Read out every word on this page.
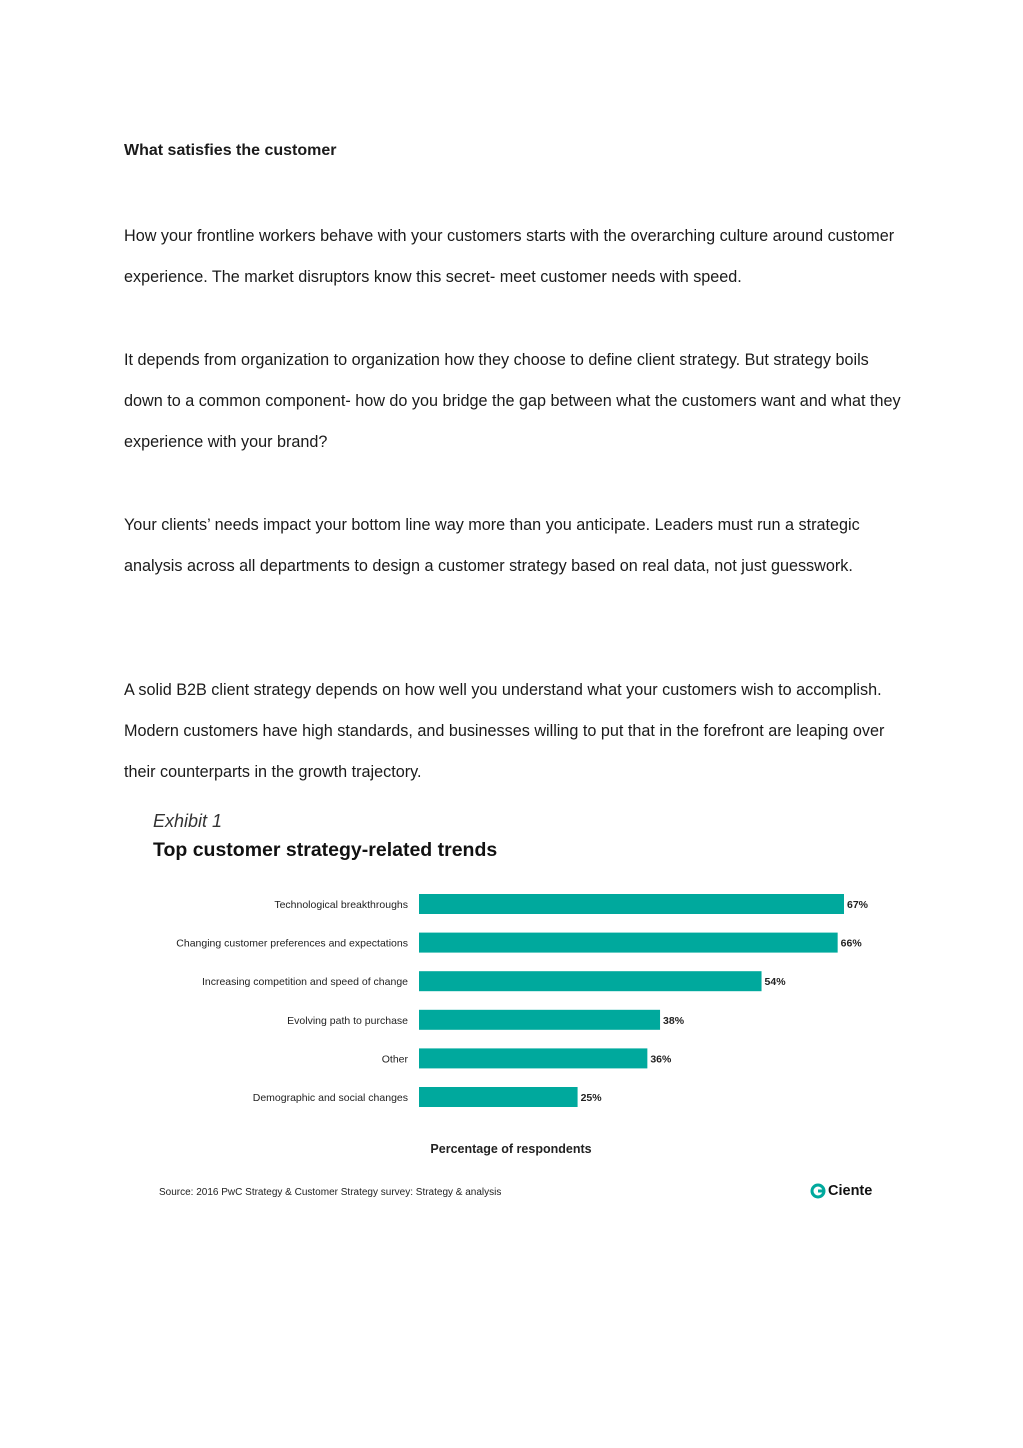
What satisfies the customer

How your frontline workers behave with your customers starts with the overarching culture around customer experience. The market disruptors know this secret- meet customer needs with speed.

It depends from organization to organization how they choose to define client strategy. But strategy boils down to a common component- how do you bridge the gap between what the customers want and what they experience with your brand?

Your clients’ needs impact your bottom line way more than you anticipate. Leaders must run a strategic analysis across all departments to design a customer strategy based on real data, not just guesswork.

A solid B2B client strategy depends on how well you understand what your customers wish to accomplish. Modern customers have high standards, and businesses willing to put that in the forefront are leaping over their counterparts in the growth trajectory.

Exhibit 1
Top customer strategy-related trends
Technological breakthroughs	67%
Changing customer preferences and expectations	66%
Increasing competition and speed of change	54%
Evolving path to purchase	38%
Other	36%
Demographic and social changes	25%
Percentage of respondents
Source: 2016 PwC Strategy & Customer Strategy survey: Strategy & analysis	Ciente
